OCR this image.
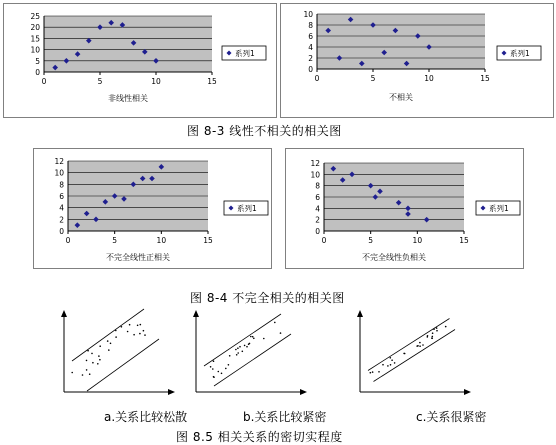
0
5
10
15
20
25
0	5	10	15
非线性相关
系列1
0
2
4
6
8
10
0	5	10	15
不相关
系列1
图 8-3 线性不相关的相关图
0
2
4
6
8
10
12
0	5	10	15
不完全线性正相关
系列1
0
2
4
6
8
10
12
0	5	10	15
不完全线性负相关
系列1
图 8-4 不完全相关的相关图
a.关系比较松散	b.关系比较紧密	c.关系很紧密
图 8.5 相关关系的密切实程度
